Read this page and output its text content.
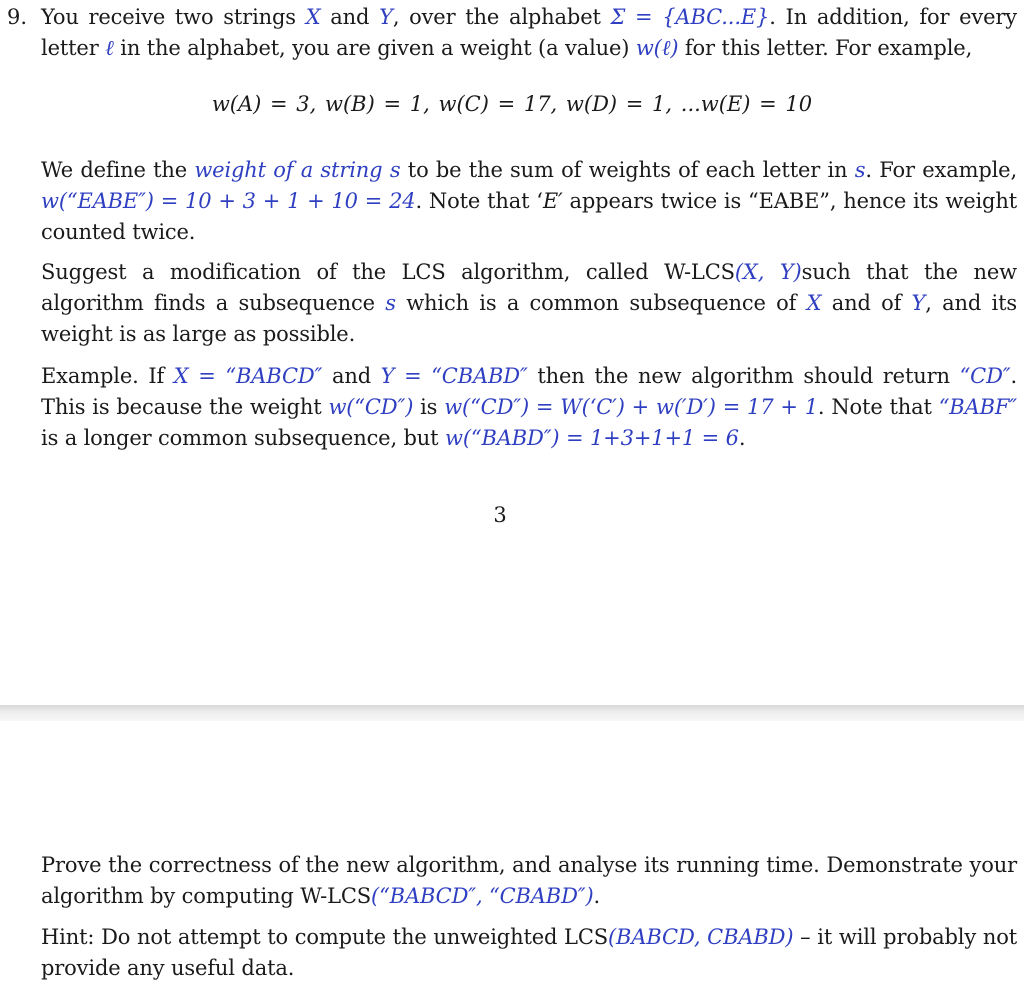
9. You receive two strings X and Y, over the alphabet Σ = {ABC...E}. In addition, for every letter ℓ in the alphabet, you are given a weight (a value) w(ℓ) for this letter. For example,

w(A) = 3, w(B) = 1, w(C) = 17, w(D) = 1, ...w(E) = 10

We define the weight of a string s to be the sum of weights of each letter in s. For example, w(“EABE″) = 10 + 3 + 1 + 10 = 24. Note that ‘E′ appears twice is “EABE”, hence its weight counted twice.

Suggest a modification of the LCS algorithm, called W-LCS(X, Y)such that the new algorithm finds a subsequence s which is a common subsequence of X and of Y, and its weight is as large as possible.

Example. If X = “BABCD″ and Y = “CBABD″ then the new algorithm should return “CD″. This is because the weight w(“CD″) is w(“CD″) = W(‘C′) + w(′D′) = 17 + 1. Note that “BABF″ is a longer common subsequence, but w(“BABD″) = 1+3+1+1 = 6.

3

Prove the correctness of the new algorithm, and analyse its running time. Demonstrate your algorithm by computing W-LCS(“BABCD″, “CBABD″).

Hint: Do not attempt to compute the unweighted LCS(BABCD, CBABD) – it will probably not provide any useful data.
